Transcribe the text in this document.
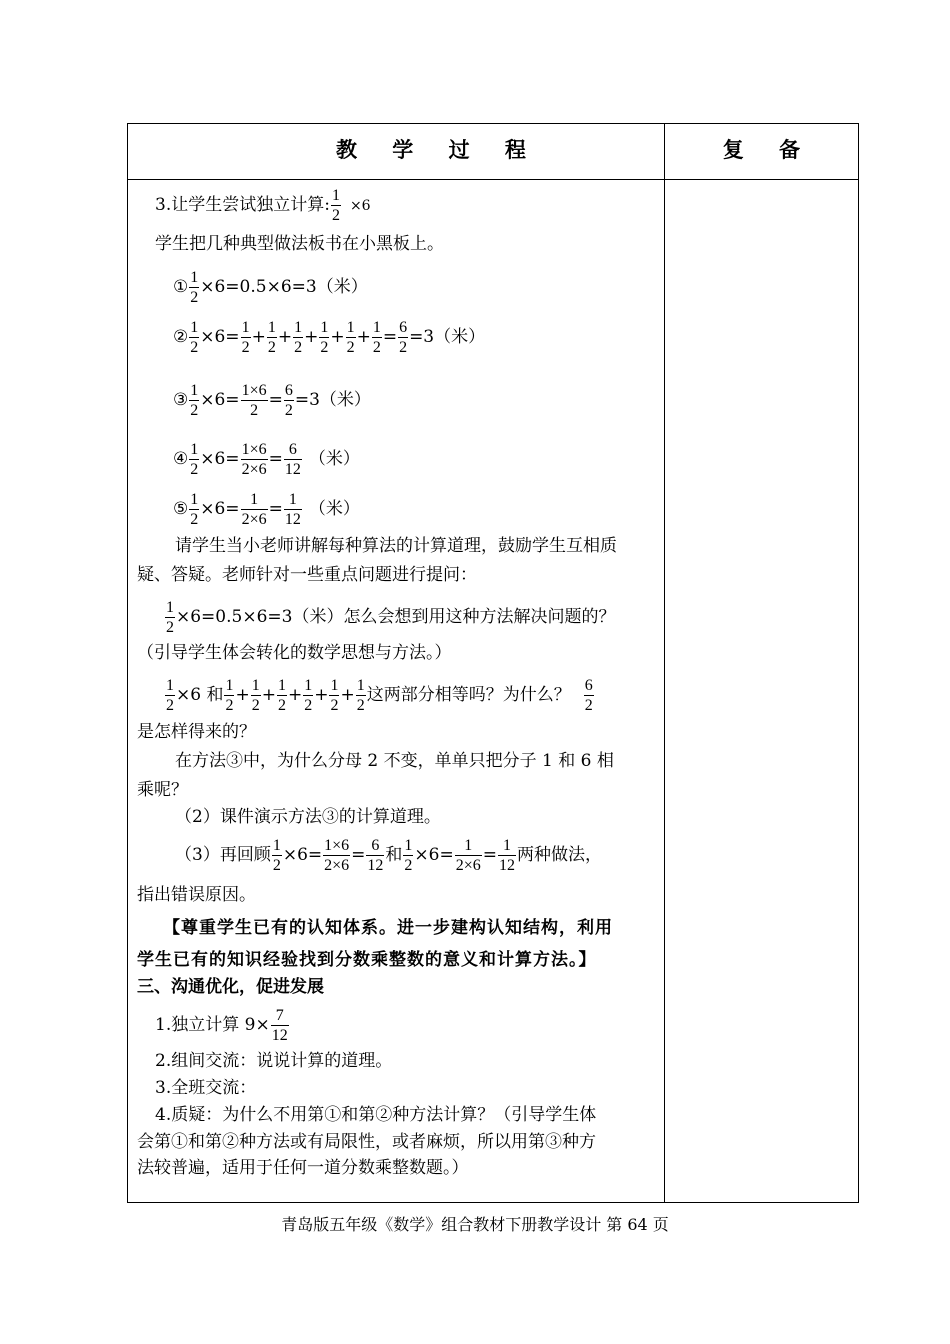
教 学 过 程	复 备
3.让学生尝试独立计算: $\frac{1}{2} \times 6$
学生把几种典型做法板书在小黑板上。
① $\frac{1}{2} \times 6=0.5\times 6=3$（米）
② $\frac{1}{2} \times 6= \frac{1}{2} + \frac{1}{2} + \frac{1}{2} + \frac{1}{2} + \frac{1}{2} + \frac{1}{2} = \frac{6}{2} =3$（米）
③ $\frac{1}{2} \times 6= \frac{1\times 6}{2} = \frac{6}{2} =3$（米）
④ $\frac{1}{2} \times 6= \frac{1\times 6}{2\times 6} = \frac{6}{12}$ （米）
⑤ $\frac{1}{2} \times 6= \frac{1}{2\times 6} = \frac{1}{12}$ （米）
请学生当小老师讲解每种算法的计算道理，鼓励学生互相质
疑、答疑。老师针对一些重点问题进行提问：
$\frac{1}{2} \times 6=0.5\times 6=3$（米）怎么会想到用这种方法解决问题的？
（引导学生体会转化的数学思想与方法。）
$\frac{1}{2} \times 6$ 和 $\frac{1}{2} + \frac{1}{2} + \frac{1}{2} + \frac{1}{2} + \frac{1}{2} + \frac{1}{2}$ 这两部分相等吗？为什么？ $\frac{6}{2}$
是怎样得来的？
在方法③中，为什么分母 2 不变，单单只把分子 1 和 6 相
乘呢？
（2）课件演示方法③的计算道理。
（3）再回顾 $\frac{1}{2} \times 6= \frac{1\times 6}{2\times 6} = \frac{6}{12}$ 和 $\frac{1}{2} \times 6= \frac{1}{2\times 6} = \frac{1}{12}$ 两种做法，
指出错误原因。
【尊重学生已有的认知体系。进一步建构认知结构，利用
学生已有的知识经验找到分数乘整数的意义和计算方法。】
三、沟通优化，促进发展
1.独立计算 $9\times \frac{7}{12}$
2.组间交流：说说计算的道理。
3.全班交流：
4.质疑：为什么不用第①和第②种方法计算？（引导学生体
会第①和第②种方法或有局限性，或者麻烦，所以用第③种方
法较普遍，适用于任何一道分数乘整数题。）
青岛版五年级《数学》组合教材下册教学设计 第 64 页
